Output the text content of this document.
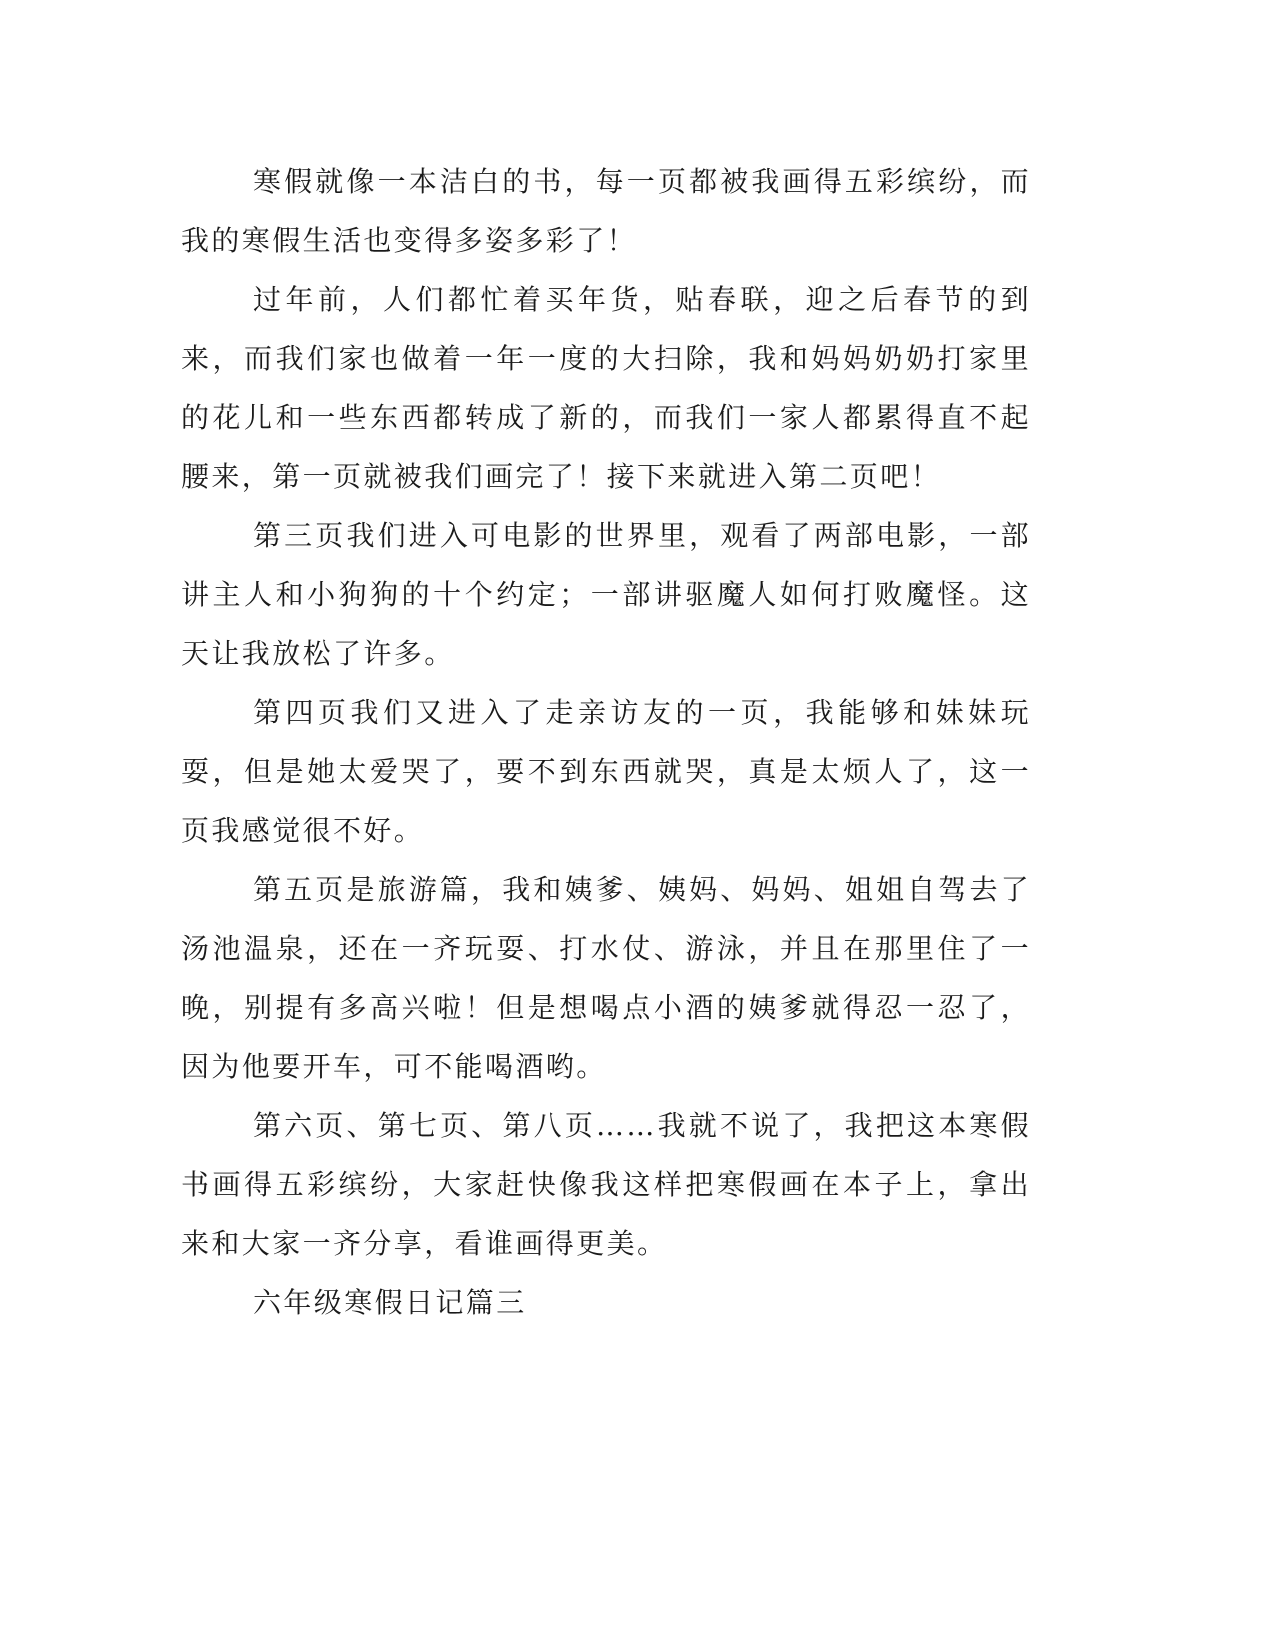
寒假就像一本洁白的书，每一页都被我画得五彩缤纷，而我的寒假生活也变得多姿多彩了！

过年前，人们都忙着买年货，贴春联，迎之后春节的到来，而我们家也做着一年一度的大扫除，我和妈妈奶奶打家里的花儿和一些东西都转成了新的，而我们一家人都累得直不起腰来，第一页就被我们画完了！接下来就进入第二页吧！

第三页我们进入可电影的世界里，观看了两部电影，一部讲主人和小狗狗的十个约定；一部讲驱魔人如何打败魔怪。这天让我放松了许多。

第四页我们又进入了走亲访友的一页，我能够和妹妹玩耍，但是她太爱哭了，要不到东西就哭，真是太烦人了，这一页我感觉很不好。

第五页是旅游篇，我和姨爹、姨妈、妈妈、姐姐自驾去了汤池温泉，还在一齐玩耍、打水仗、游泳，并且在那里住了一晚，别提有多高兴啦！但是想喝点小酒的姨爹就得忍一忍了，因为他要开车，可不能喝酒哟。

第六页、第七页、第八页……我就不说了，我把这本寒假书画得五彩缤纷，大家赶快像我这样把寒假画在本子上，拿出来和大家一齐分享，看谁画得更美。

六年级寒假日记篇三
